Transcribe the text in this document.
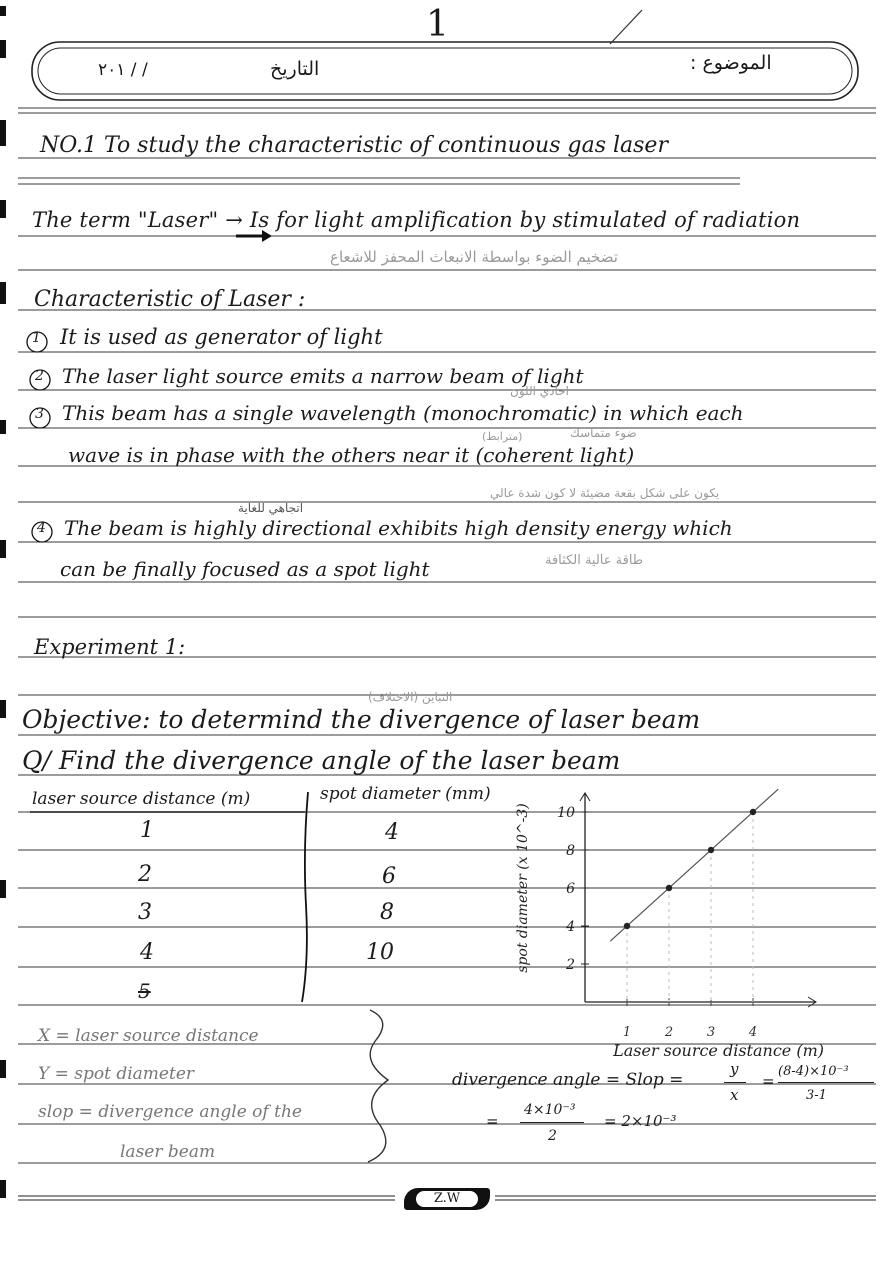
1
الموضوع :
التاريخ
٢٠١ / /
NO.1 To study the characteristic of continuous gas laser
The term "Laser" → Is for light amplification by stimulated of radiation
تضخيم الضوء بواسطة الانبعاث المحفز للاشعاع
Characteristic of Laser :
1 It is used as generator of light
2 The laser light source emits a narrow beam of light
3 This beam has a single wavelength (monochromatic) in which each
wave is in phase with the others near it (coherent light)
احادي اللون
ضوء متماسك
(مترابط)
يكون على شكل بقعة مضيئة لا كون شدة عالي
4 The beam is highly directional exhibits high density energy which
can be finally focused as a spot light
اتجاهي للغاية
طاقة عالية الكثافة
Experiment 1:
التباين (الاختلاف)
Objective: to determind the divergence of laser beam
Q/ Find the divergence angle of the laser beam
laser source distance (m)	spot diameter (mm)
1	4
2	6
3	8
4	10
5
2
4
6
8
10
1	2	3	4
Laser source distance (m)
spot diameter (x 10^-3)
X = laser source distance
Y = spot diameter
slop = divergence angle of the
laser beam
divergence angle = Slop =
y
x
=
(8-4)×10⁻³
3-1
=
4×10⁻³
2
= 2×10⁻³
Z.W
